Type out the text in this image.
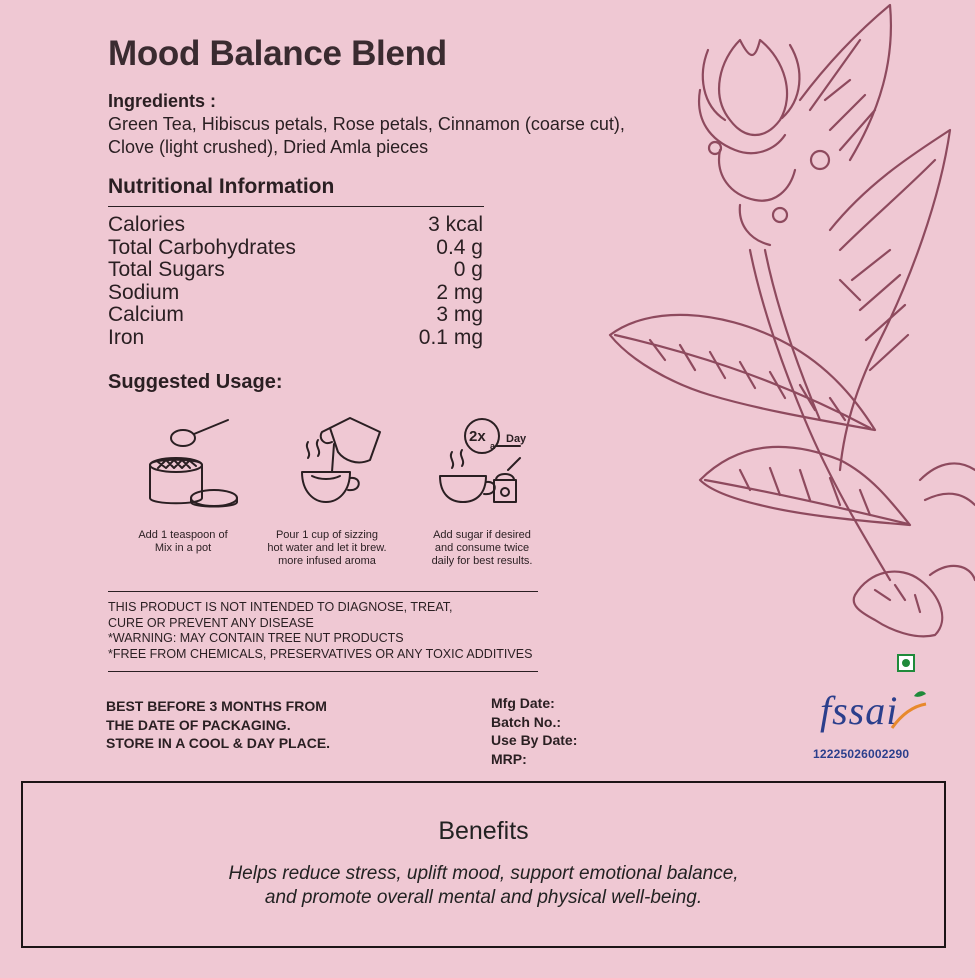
Mood Balance Blend
Ingredients :
Green Tea, Hibiscus petals, Rose petals, Cinnamon (coarse cut),
Clove (light crushed), Dried Amla pieces
Nutritional Information
Calories	3 kcal
Total Carbohydrates	0.4 g
Total Sugars	0 g
Sodium	2 mg
Calcium	3 mg
Iron	0.1 mg
Suggested Usage:
Add 1 teaspoon of
Mix in a pot
Pour 1 cup of sizzing
hot water and let it brew.
more infused aroma
2x
a
Day
Add sugar if desired
and consume twice
daily for best results.
THIS PRODUCT IS NOT INTENDED TO DIAGNOSE, TREAT,
CURE OR PREVENT ANY DISEASE
*WARNING: MAY CONTAIN TREE NUT PRODUCTS
*FREE FROM CHEMICALS, PRESERVATIVES OR ANY TOXIC ADDITIVES
BEST BEFORE 3 MONTHS FROM
THE DATE OF PACKAGING.
STORE IN A COOL & DAY PLACE.
Mfg Date:
Batch No.:
Use By Date:
MRP:
fssai
12225026002290
Benefits
Helps reduce stress, uplift mood, support emotional balance,
and promote overall mental and physical well-being.
